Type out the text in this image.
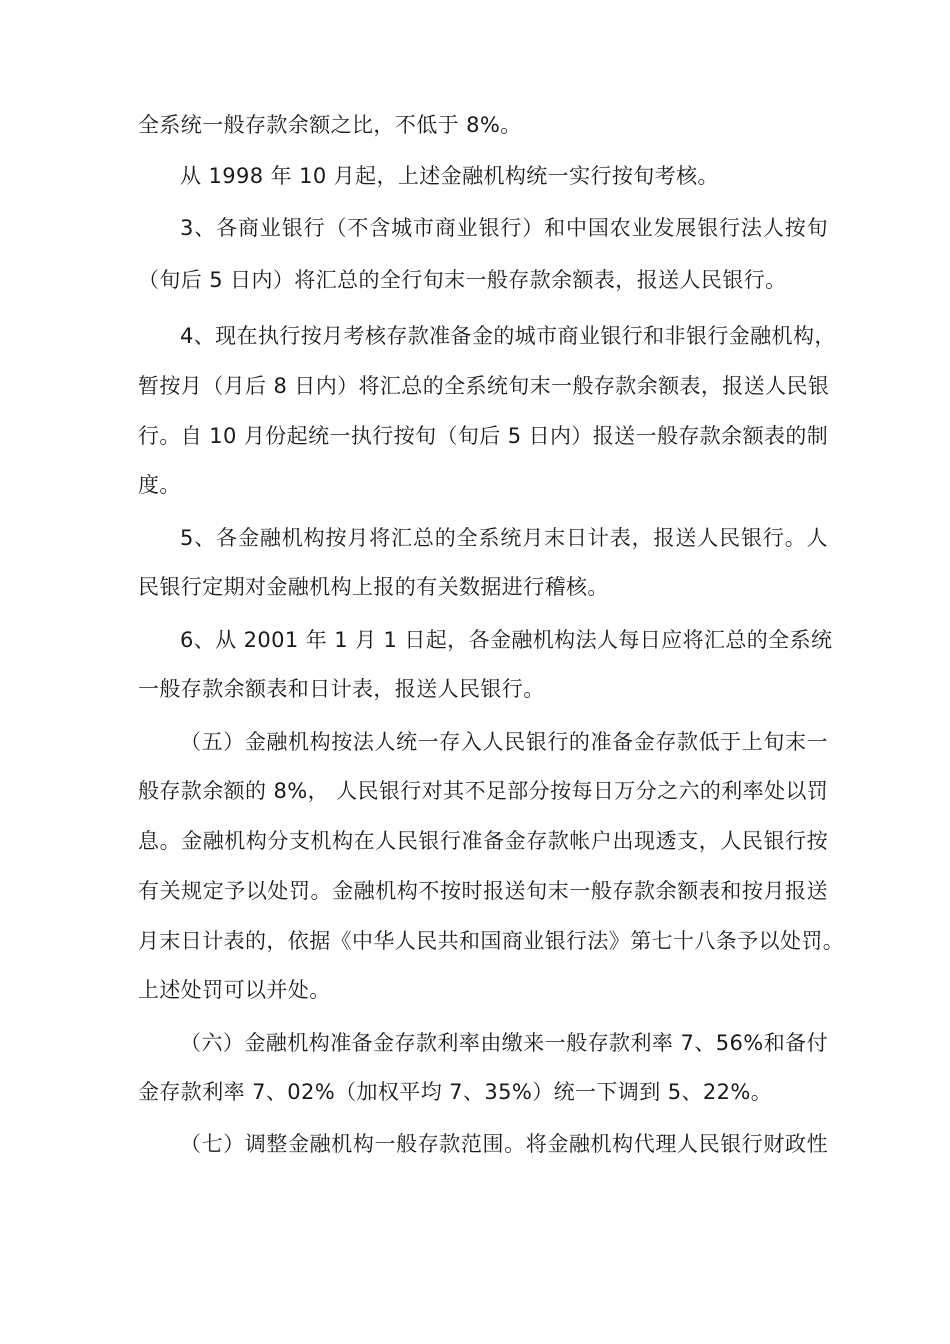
全系统一般存款余额之比，不低于 8%。
从 1998 年 10 月起，上述金融机构统一实行按旬考核。
3、各商业银行（不含城市商业银行）和中国农业发展银行法人按旬
（旬后 5 日内）将汇总的全行旬末一般存款余额表，报送人民银行。
4、现在执行按月考核存款准备金的城市商业银行和非银行金融机构，
暂按月（月后 8 日内）将汇总的全系统旬末一般存款余额表，报送人民银
行。自 10 月份起统一执行按旬（旬后 5 日内）报送一般存款余额表的制
度。
5、各金融机构按月将汇总的全系统月末日计表，报送人民银行。人
民银行定期对金融机构上报的有关数据进行稽核。
6、从 2001 年 1 月 1 日起，各金融机构法人每日应将汇总的全系统
一般存款余额表和日计表，报送人民银行。
（五）金融机构按法人统一存入人民银行的准备金存款低于上旬末一
般存款余额的 8%， 人民银行对其不足部分按每日万分之六的利率处以罚
息。金融机构分支机构在人民银行准备金存款帐户出现透支，人民银行按
有关规定予以处罚。金融机构不按时报送旬末一般存款余额表和按月报送
月末日计表的，依据《中华人民共和国商业银行法》第七十八条予以处罚。
上述处罚可以并处。
（六）金融机构准备金存款利率由缴来一般存款利率 7、56%和备付
金存款利率 7、02%（加权平均 7、35%）统一下调到 5、22%。
（七）调整金融机构一般存款范围。将金融机构代理人民银行财政性
